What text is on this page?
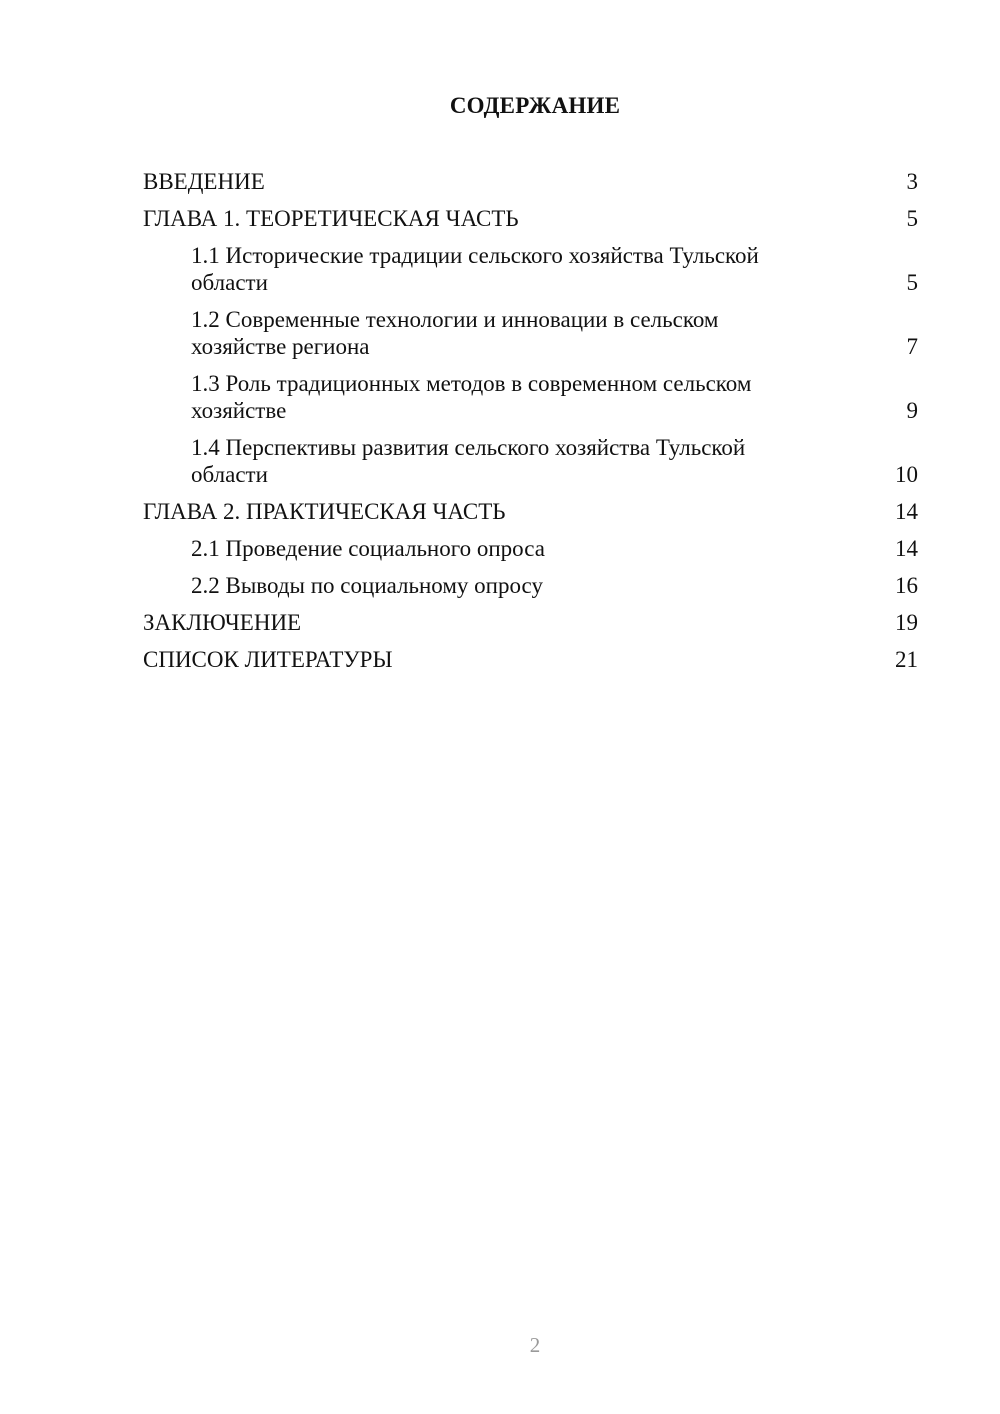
СОДЕРЖАНИЕ
ВВЕДЕНИЕ	3
ГЛАВА 1. ТЕОРЕТИЧЕСКАЯ ЧАСТЬ	5
1.1 Исторические традиции сельского хозяйства Тульской области	5
1.2 Современные технологии и инновации в сельском хозяйстве региона	7
1.3 Роль традиционных методов в современном сельском хозяйстве	9
1.4 Перспективы развития сельского хозяйства Тульской области	10
ГЛАВА 2. ПРАКТИЧЕСКАЯ ЧАСТЬ	14
2.1 Проведение социального опроса	14
2.2 Выводы по социальному опросу	16
ЗАКЛЮЧЕНИЕ	19
СПИСОК ЛИТЕРАТУРЫ	21
2
